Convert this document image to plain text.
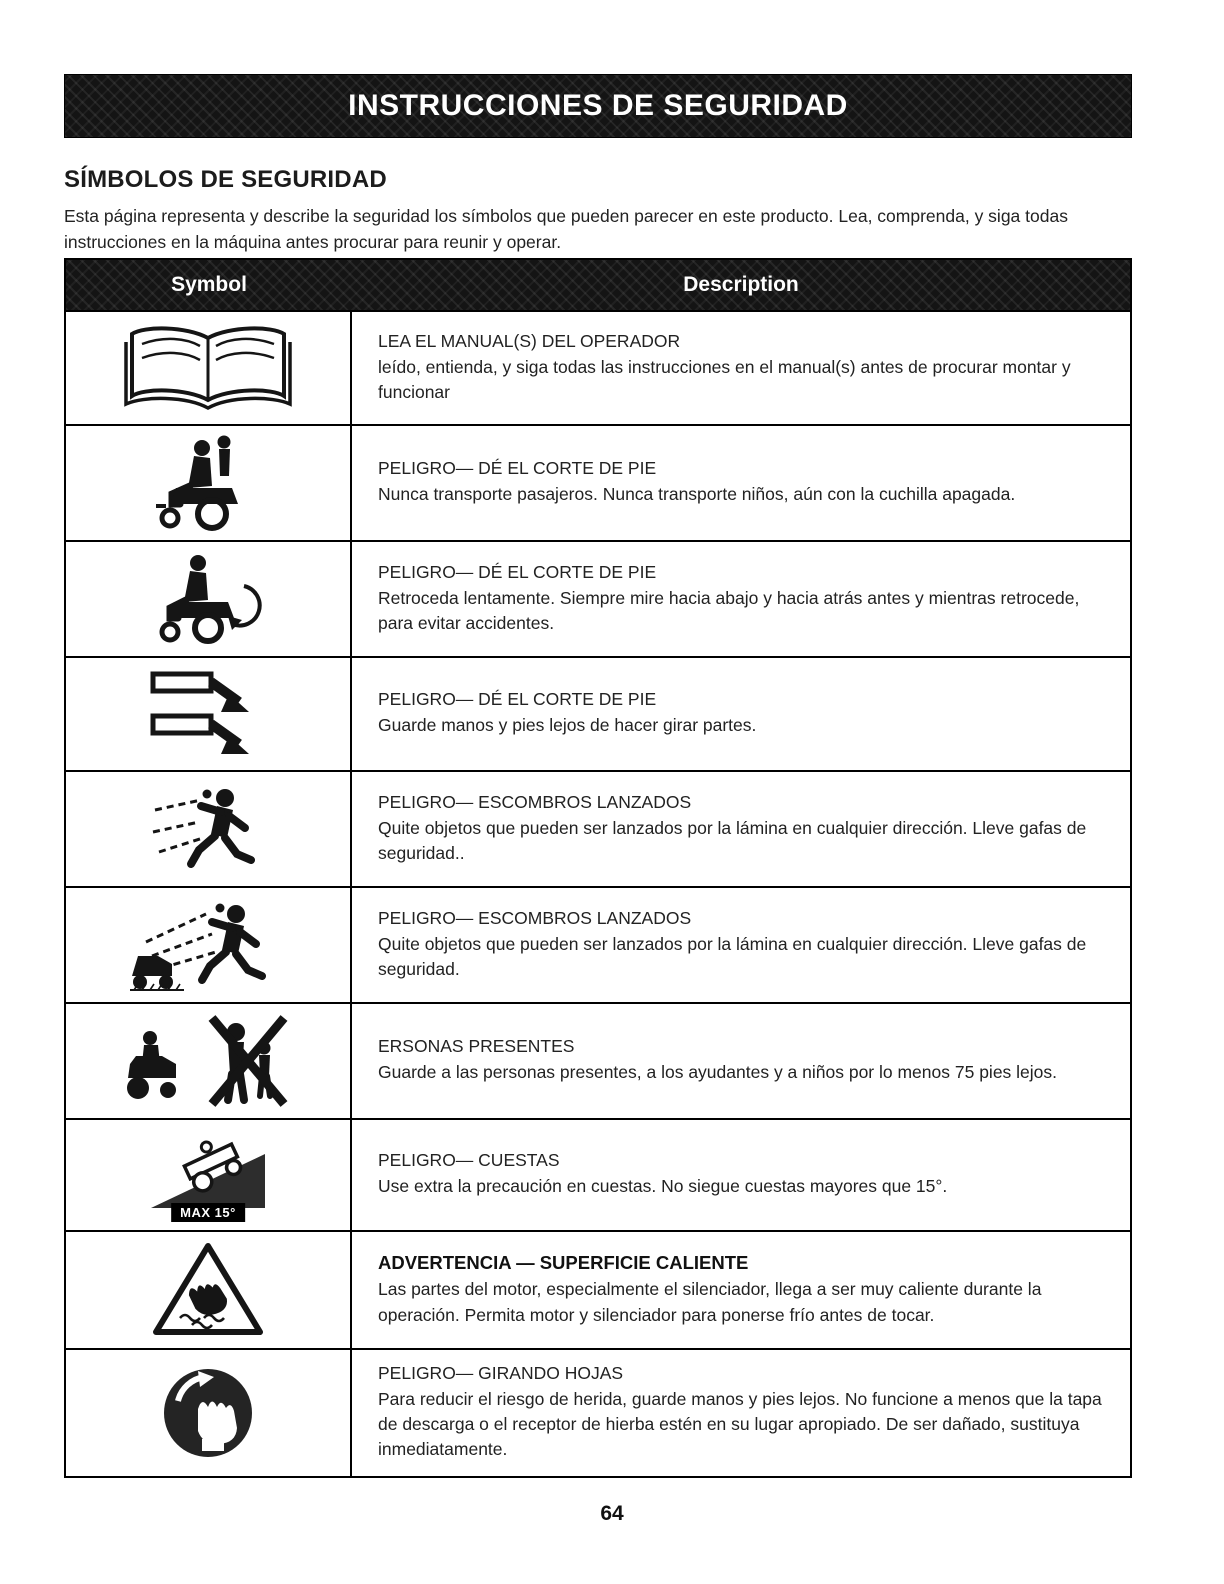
INSTRUCCIONES DE SEGURIDAD
SÍMBOLOS DE SEGURIDAD

Esta página representa y describe la seguridad los símbolos que pueden parecer en este producto. Lea, comprenda, y siga todas instrucciones en la máquina antes procurar para reunir y operar.

Symbol	Description

LEA EL MANUAL(S) DEL OPERADOR

leído, entienda, y siga todas las instrucciones en el manual(s) antes de procurar montar y funcionar

PELIGRO— DÉ EL CORTE DE PIE

Nunca transporte pasajeros. Nunca transporte niños, aún con la cuchilla apagada.

PELIGRO— DÉ EL CORTE DE PIE

Retroceda lentamente. Siempre mire hacia abajo y hacia atrás antes y mientras retrocede, para evitar accidentes.

PELIGRO— DÉ EL CORTE DE PIE

Guarde manos y pies lejos de hacer girar partes.

PELIGRO— ESCOMBROS LANZADOS

Quite objetos que pueden ser lanzados por la lámina en cualquier dirección. Lleve gafas de seguridad..

PELIGRO— ESCOMBROS LANZADOS

Quite objetos que pueden ser lanzados por la lámina en cualquier dirección. Lleve gafas de seguridad.

ERSONAS PRESENTES

Guarde a las personas presentes, a los ayudantes y a niños por lo menos 75 pies lejos.

MAX 15°

PELIGRO— CUESTAS

Use extra la precaución en cuestas. No siegue cuestas mayores que 15°.

ADVERTENCIA — SUPERFICIE CALIENTE

Las partes del motor, especialmente el silenciador, llega a ser muy caliente durante la operación. Permita motor y silenciador para ponerse frío antes de tocar.

PELIGRO— GIRANDO HOJAS

Para reducir el riesgo de herida, guarde manos y pies lejos. No funcione a menos que la tapa de descarga o el receptor de hierba estén en su lugar apropiado. De ser dañado, sustituya inmediatamente.

64
